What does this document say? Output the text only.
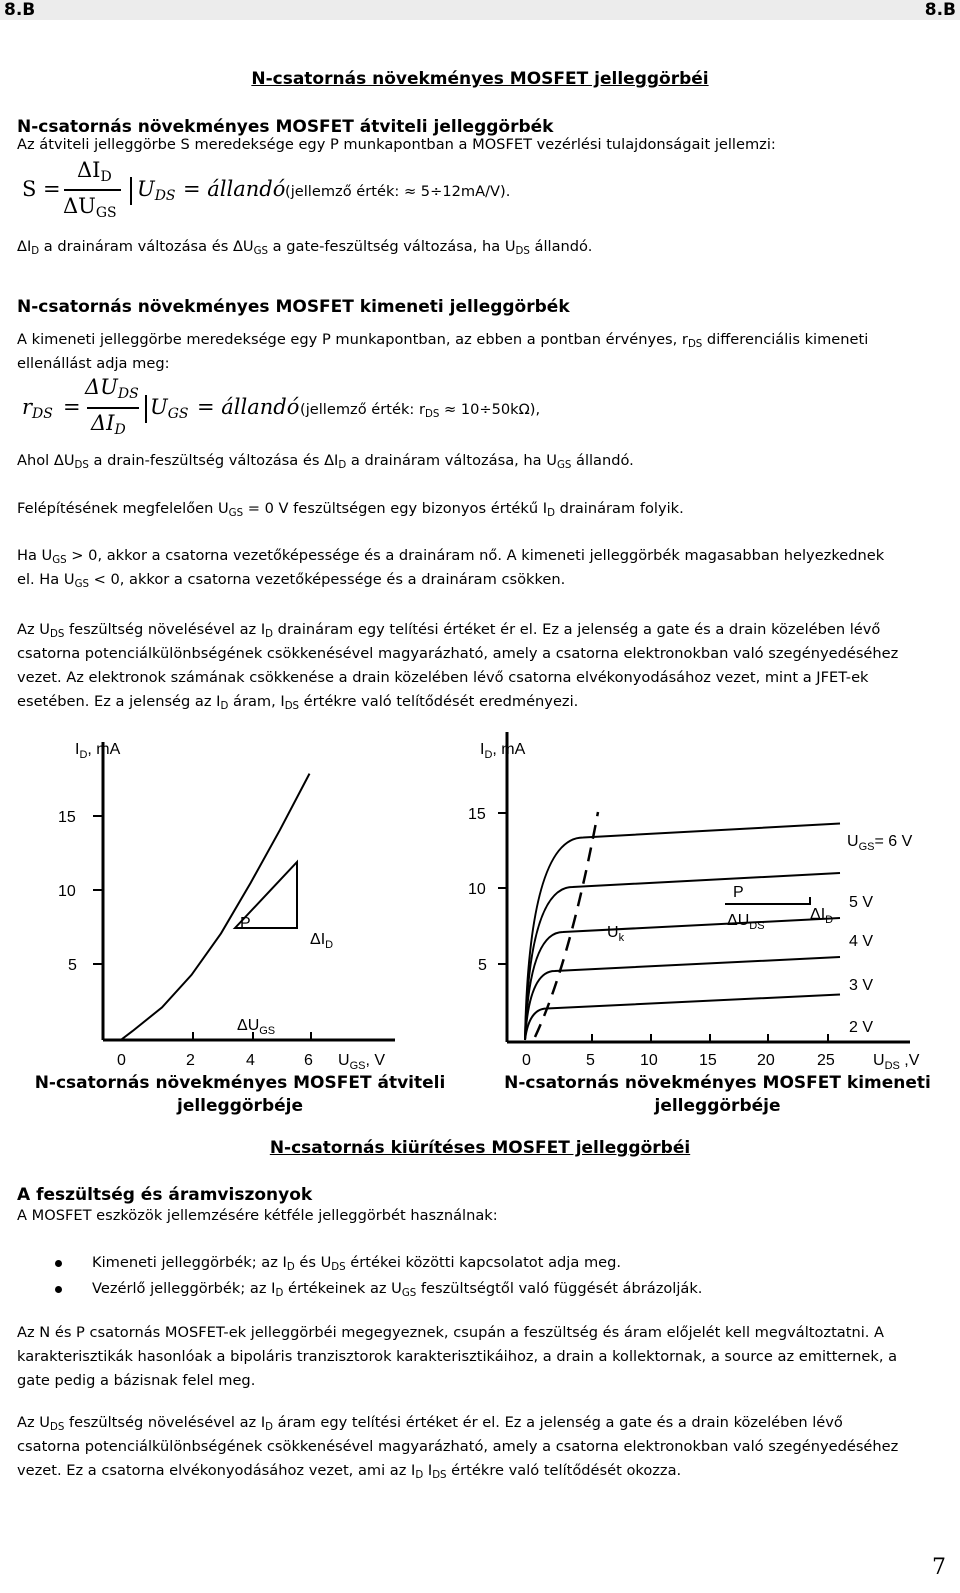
8.B	8.B
N-csatornás növekményes MOSFET jelleggörbéi
N-csatornás növekményes MOSFET átviteli jelleggörbék
Az átviteli jelleggörbe S meredeksége egy P munkapontban a MOSFET vezérlési tulajdonságait jellemzi:
S =
$\Delta I_D$
$\Delta U_{GS}$
$U_{DS}$ = állandó (jellemző érték: ≈ 5÷12mA/V).
$\Delta I_D$ a drainára​m változása és $\Delta U_{GS}$ a gate-feszültség változása, ha $U_{DS}$ állandó.
N-csatornás növekményes MOSFET kimeneti jelleggörbék
A kimeneti jelleggörbe meredeksége egy P munkapontban, az ebben a pontban érvényes, $r_{DS}$ differenciális kimeneti
ellenállást adja meg:
$r_{DS}$ =
$\Delta U_{DS}$
$\Delta I_D$
$U_{GS}$ = állandó (jellemző érték: $r_{DS} \approx 10\div 50k\Omega$),
Ahol $\Delta U_{DS}$ a drain-feszültség változása és $\Delta I_D$ a drainára​m változása, ha $U_{GS}$ állandó.
Felépítésének megfelelően $U_{GS} = 0$ V feszültségen egy bizonyos értékű $I_D$ drainára​m folyik.
Ha $U_{GS} > 0$, akkor a csatorna vezetőképessége és a drainára​m nő. A kimeneti jelleggörbék magasabban helyezkednek
el. Ha $U_{GS} < 0$, akkor a csatorna vezetőképessége és a drainára​m csökken.
Az $U_{DS}$ feszültség növelésével az $I_D$ drainára​m egy telítési értéket ér el. Ez a jelenség a gate és a drain közelében lévő
csatorna potenciálkülönbségének csökkenésével magyarázható, amely a csatorna elektronokban való szegényedéséhez
vezet. Az elektronok számának csökkenése a drain közelében lévő csatorna elvékonyodásához vezet, mint a JFET-ek
esetében. Ez a jelenség az $I_D$ áram, $I_{DS}$ értékre való telítődését eredményezi.
$I_D$, mA
15
10
5
0	2	4	6 $U_{GS}$, V
P
$\Delta I_D$
$\Delta U_{GS}$
$I_D$, mA
15
10
5
0	5	10	15	20	25 $U_{DS}$ ,V
$U_{GS}= 6$ V
5 V
4 V
3 V
2 V
P
$\Delta U_{DS}$
$\Delta I_D$
$U_k$
N-csatornás növekményes MOSFET átviteli
jelleggörbéje
N-csatornás növekményes MOSFET kimeneti
jelleggörbéje
N-csatornás kiürítéses MOSFET jelleggörbéi
A feszültség és áramviszonyok
A MOSFET eszközök jellemzésére kétféle jelleggörbét használnak:
Kimeneti jelleggörbék; az $I_D$ és $U_{DS}$ értékei közötti kapcsolatot adja meg.
Vezérlő jelleggörbék; az $I_D$ értékeinek az $U_{GS}$ feszültségtől való függését ábrázolják.
Az N és P csatornás MOSFET-ek jelleggörbéi megegyeznek, csupán a feszültség és áram előjelét kell megváltoztatni. A
karakterisztikák hasonlóak a bipoláris tranzisztorok karakterisztikáihoz, a drain a kollektornak, a source az emitternek, a
gate pedig a bázisnak felel meg.
Az $U_{DS}$ feszültség növelésével az $I_D$ áram egy telítési értéket ér el. Ez a jelenség a gate és a drain közelében lévő
csatorna potenciálkülönbségének csökkenésével magyarázható, amely a csatorna elektronokban való szegényedéséhez
vezet. Ez a csatorna elvékonyodásához vezet, ami az $I_D$ $I_{DS}$ értékre való telítődését okozza.
7
